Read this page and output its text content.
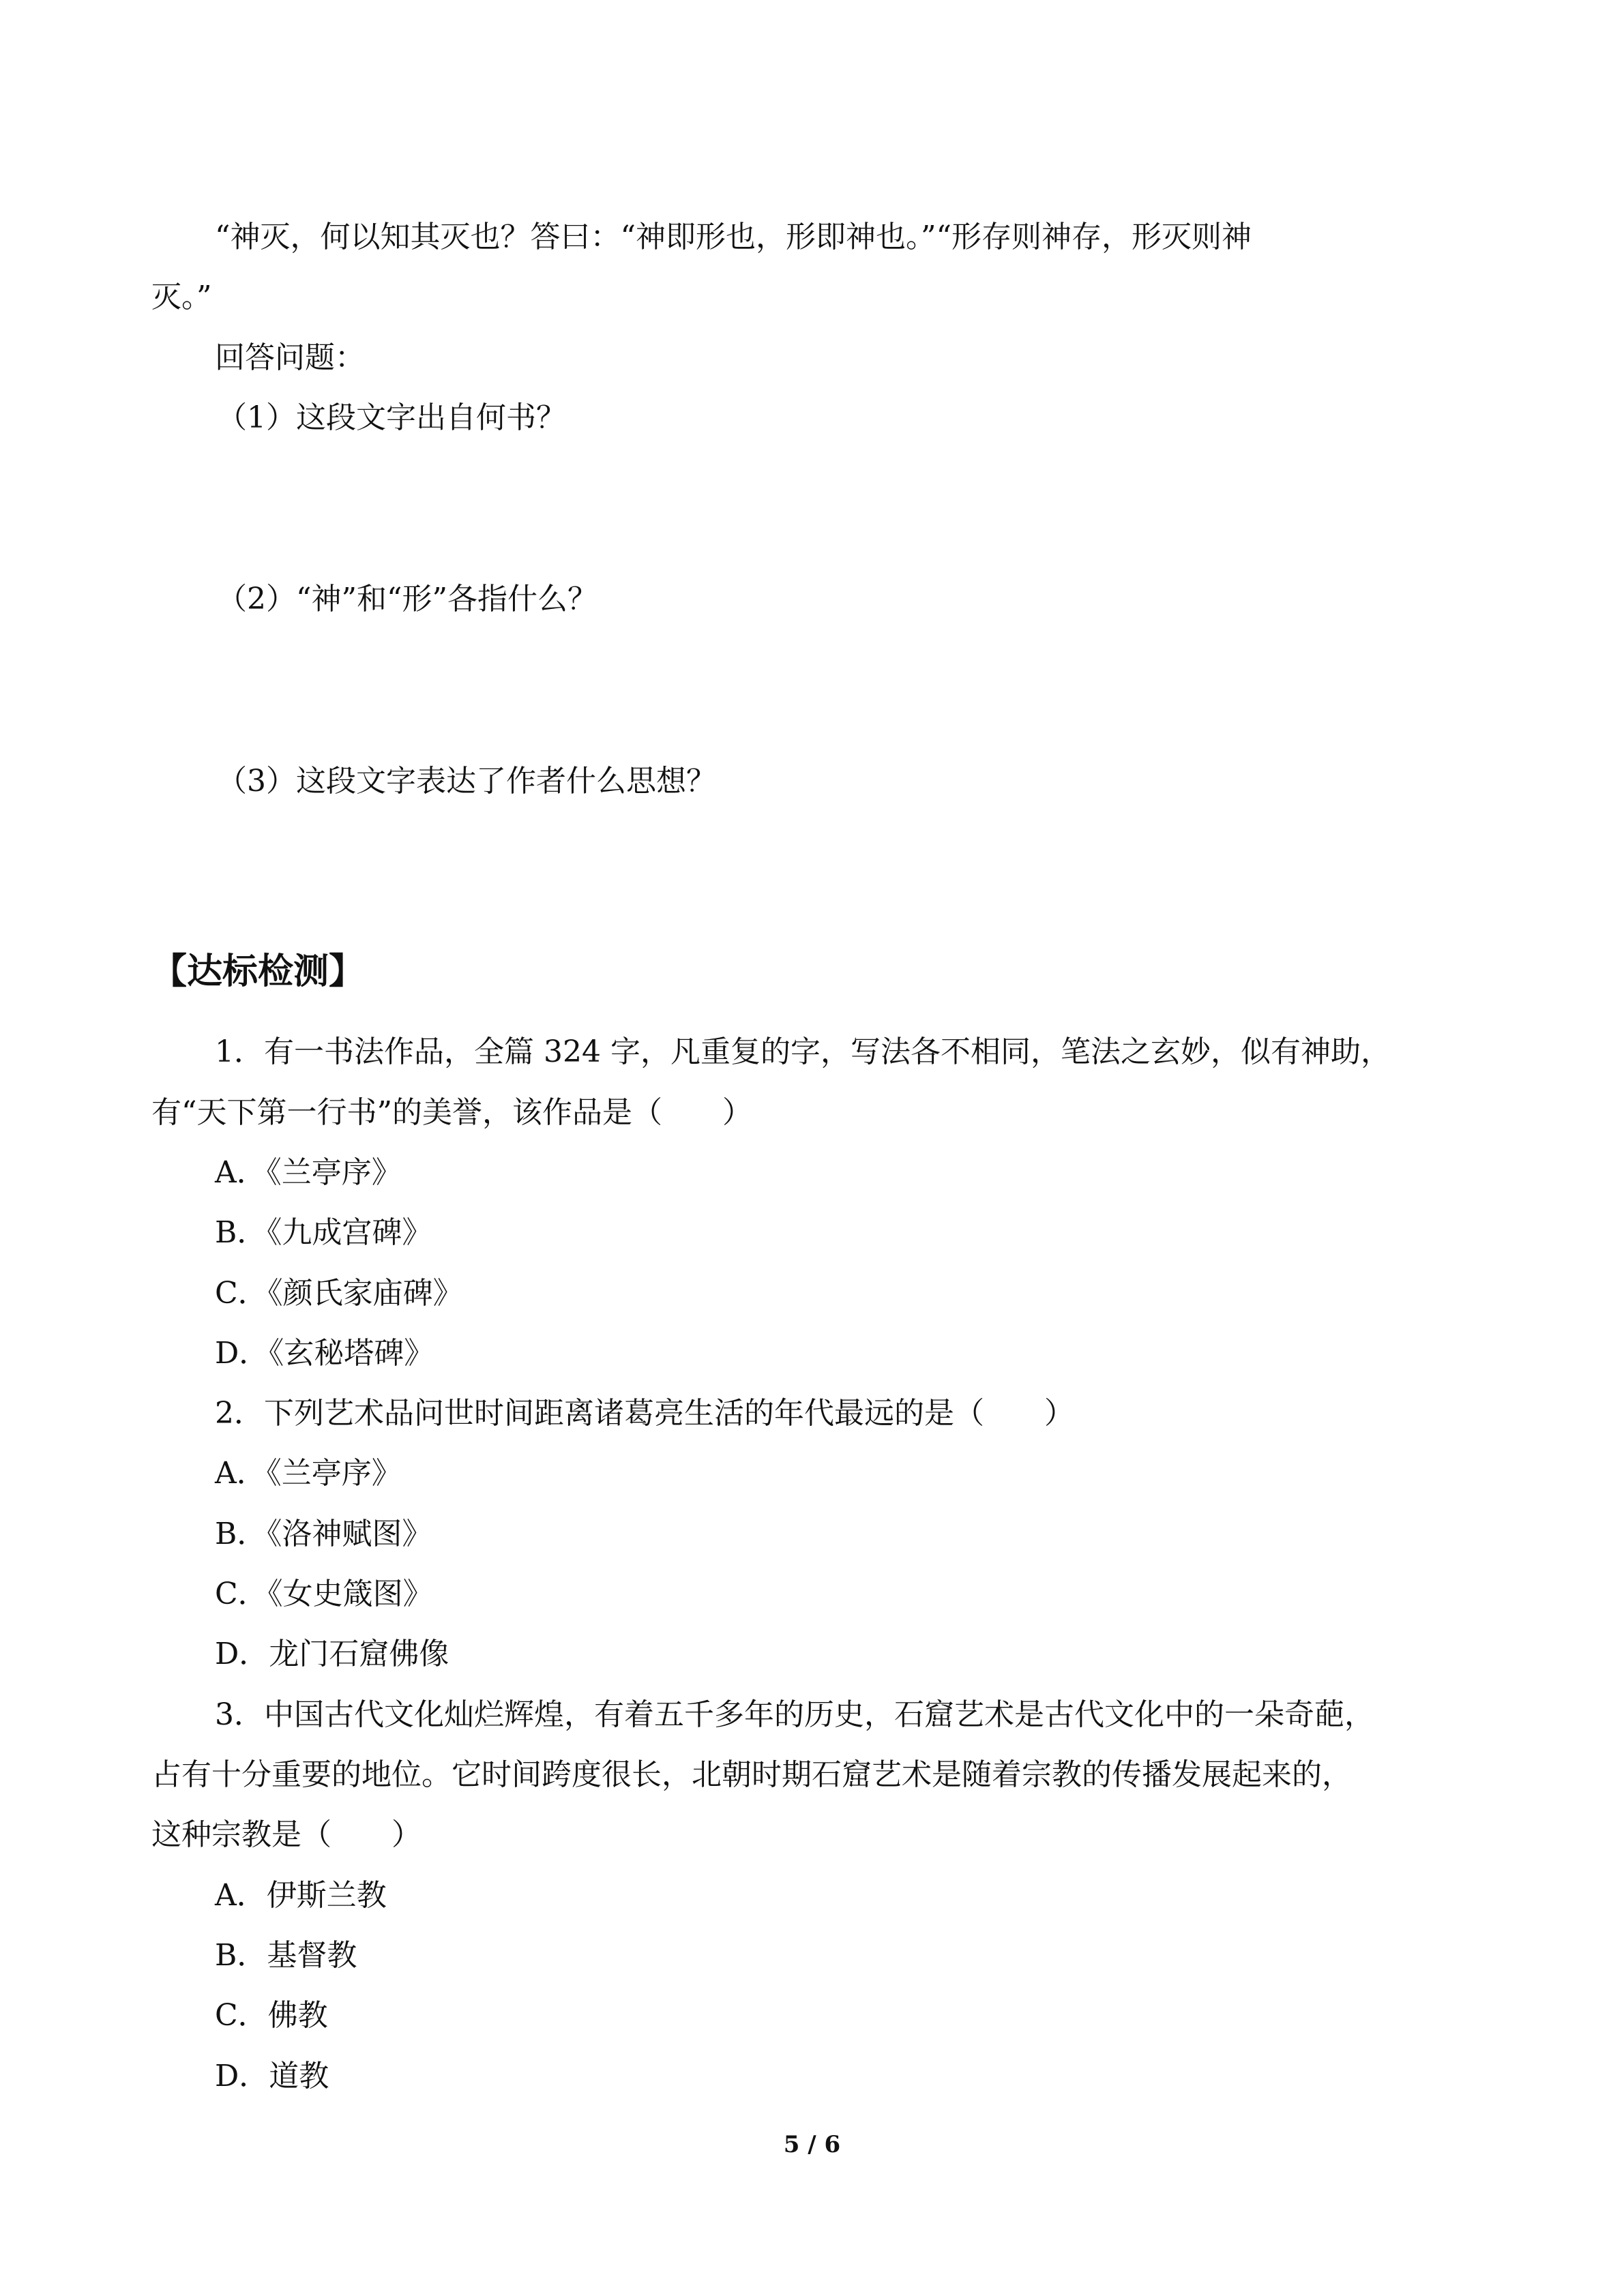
“神灭，何以知其灭也？答曰：“神即形也，形即神也。”“形存则神存，形灭则神
灭。”
回答问题：
（1）这段文字出自何书？
（2）“神”和“形”各指什么？
（3）这段文字表达了作者什么思想？
【达标检测】
1．有一书法作品，全篇 324 字，凡重复的字，写法各不相同，笔法之玄妙，似有神助，
有“天下第一行书”的美誉，该作品是（　　）
A．《兰亭序》
B．《九成宫碑》
C．《颜氏家庙碑》
D．《玄秘塔碑》
2．下列艺术品问世时间距离诸葛亮生活的年代最远的是（　　）
A．《兰亭序》
B．《洛神赋图》
C．《女史箴图》
D．龙门石窟佛像
3．中国古代文化灿烂辉煌，有着五千多年的历史，石窟艺术是古代文化中的一朵奇葩，
占有十分重要的地位。它时间跨度很长，北朝时期石窟艺术是随着宗教的传播发展起来的，
这种宗教是（　　）
A．伊斯兰教
B．基督教
C．佛教
D．道教
5 / 6
